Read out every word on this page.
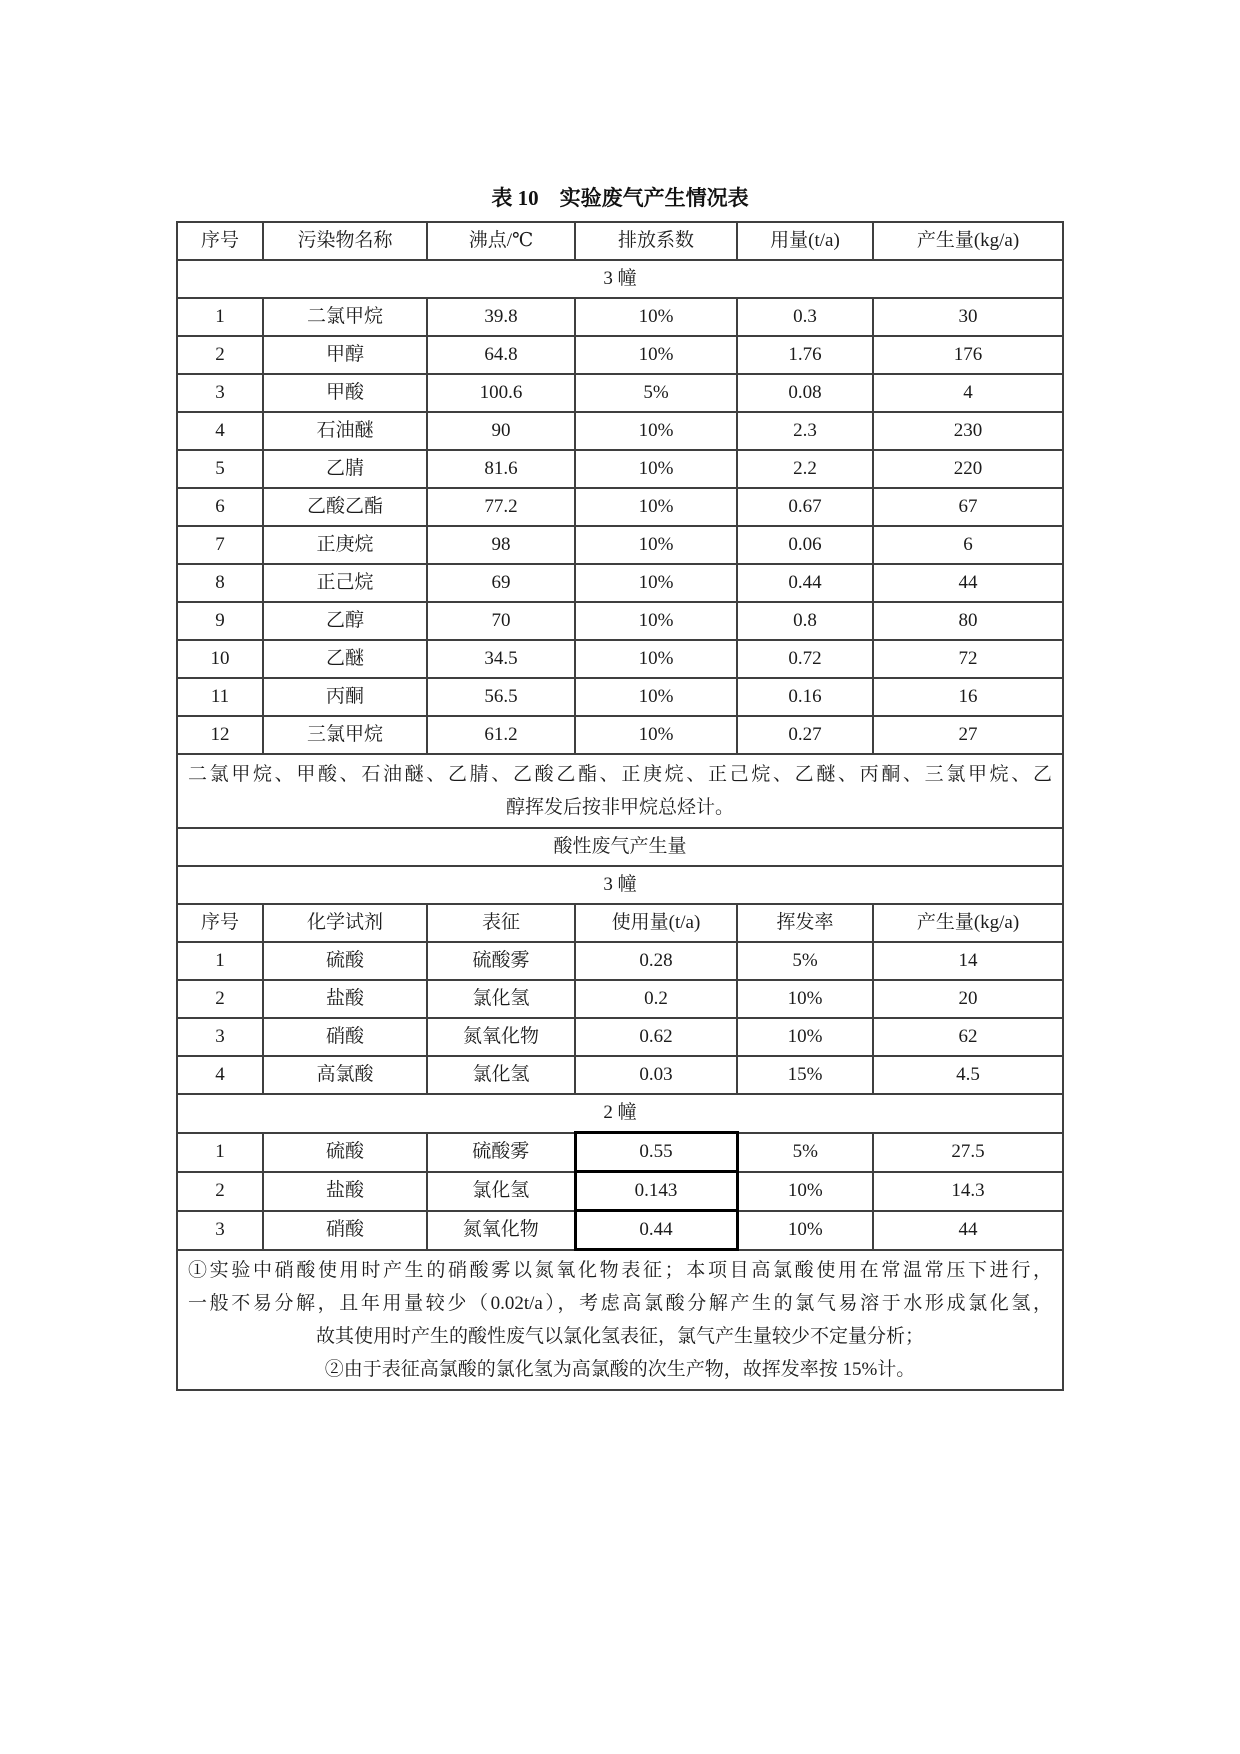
表 10　实验废气产生情况表
序号	污染物名称	沸点/℃	排放系数	用量(t/a)	产生量(kg/a)
3 幢					
1	二氯甲烷	39.8	10%	0.3	30
2	甲醇	64.8	10%	1.76	176
3	甲酸	100.6	5%	0.08	4
4	石油醚	90	10%	2.3	230
5	乙腈	81.6	10%	2.2	220
6	乙酸乙酯	77.2	10%	0.67	67
7	正庚烷	98	10%	0.06	6
8	正己烷	69	10%	0.44	44
9	乙醇	70	10%	0.8	80
10	乙醚	34.5	10%	0.72	72
11	丙酮	56.5	10%	0.16	16
12	三氯甲烷	61.2	10%	0.27	27

二氯甲烷、甲酸、石油醚、乙腈、乙酸乙酯、正庚烷、正己烷、乙醚、丙酮、三氯甲烷、乙
醇挥发后按非甲烷总烃计。					

酸性废气产生量					
3 幢					
序号	化学试剂	表征	使用量(t/a)	挥发率	产生量(kg/a)
1	硫酸	硫酸雾	0.28	5%	14
2	盐酸	氯化氢	0.2	10%	20
3	硝酸	氮氧化物	0.62	10%	62
4	高氯酸	氯化氢	0.03	15%	4.5
2 幢					
1	硫酸	硫酸雾	0.55	5%	27.5
2	盐酸	氯化氢	0.143	10%	14.3
3	硝酸	氮氧化物	0.44	10%	44

①实验中硝酸使用时产生的硝酸雾以氮氧化物表征；本项目高氯酸使用在常温常压下进行，
一般不易分解，且年用量较少（0.02t/a），考虑高氯酸分解产生的氯气易溶于水形成氯化氢，
故其使用时产生的酸性废气以氯化氢表征，氯气产生量较少不定量分析；
②由于表征高氯酸的氯化氢为高氯酸的次生产物，故挥发率按 15%计。					
